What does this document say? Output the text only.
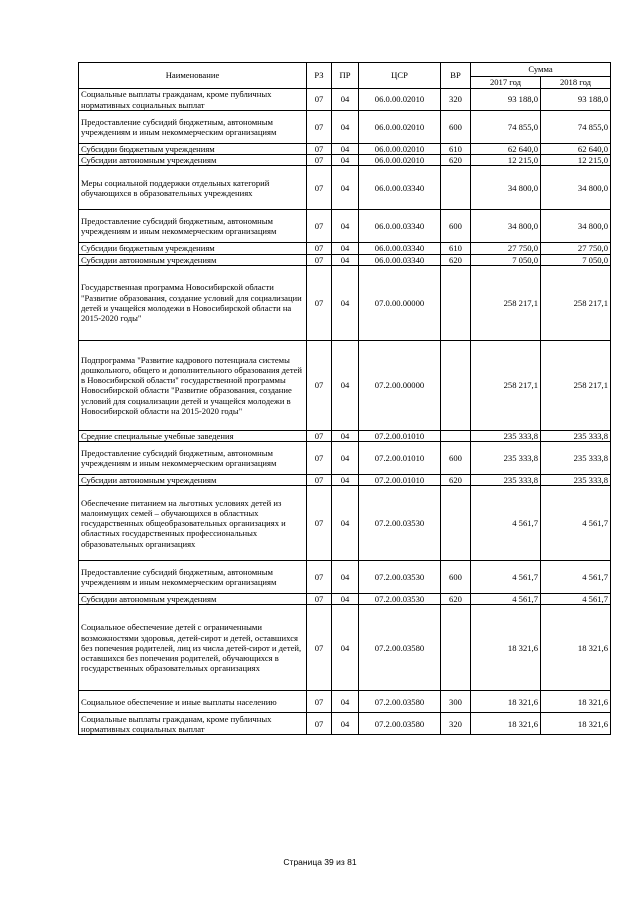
Наименование	РЗ	ПР	ЦСР	ВР	Сумма	
					2017 год	2018 год
Социальные выплаты гражданам, кроме публичных нормативных социальных выплат	07	04	06.0.00.02010	320	93 188,0	93 188,0
Предоставление субсидий бюджетным, автономным учреждениям и иным некоммерческим организациям	07	04	06.0.00.02010	600	74 855,0	74 855,0
Субсидии бюджетным учреждениям	07	04	06.0.00.02010	610	62 640,0	62 640,0
Субсидии автономным учреждениям	07	04	06.0.00.02010	620	12 215,0	12 215,0
Меры социальной поддержки отдельных категорий обучающихся в образовательных учреждениях	07	04	06.0.00.03340		34 800,0	34 800,0
Предоставление субсидий бюджетным, автономным учреждениям и иным некоммерческим организациям	07	04	06.0.00.03340	600	34 800,0	34 800,0
Субсидии бюджетным учреждениям	07	04	06.0.00.03340	610	27 750,0	27 750,0
Субсидии автономным учреждениям	07	04	06.0.00.03340	620	7 050,0	7 050,0
Государственная программа Новосибирской области "Развитие образования, создание условий для социализации детей и учащейся молодежи в Новосибирской области на 2015-2020 годы"	07	04	07.0.00.00000		258 217,1	258 217,1
Подпрограмма "Развитие кадрового потенциала системы дошкольного, общего и дополнительного образования детей в Новосибирской области" государственной программы Новосибирской области "Развитие образования, создание условий для социализации детей и учащейся молодежи в Новосибирской области на 2015-2020 годы"	07	04	07.2.00.00000		258 217,1	258 217,1
Средние специальные учебные заведения	07	04	07.2.00.01010		235 333,8	235 333,8
Предоставление субсидий бюджетным, автономным учреждениям и иным некоммерческим организациям	07	04	07.2.00.01010	600	235 333,8	235 333,8
Субсидии автономным учреждениям	07	04	07.2.00.01010	620	235 333,8	235 333,8
Обеспечение питанием на льготных условиях детей из малоимущих семей – обучающихся в областных государственных общеобразовательных организациях и областных государственных профессиональных образовательных организациях	07	04	07.2.00.03530		4 561,7	4 561,7
Предоставление субсидий бюджетным, автономным учреждениям и иным некоммерческим организациям	07	04	07.2.00.03530	600	4 561,7	4 561,7
Субсидии автономным учреждениям	07	04	07.2.00.03530	620	4 561,7	4 561,7
Социальное обеспечение детей с ограниченными возможностями здоровья, детей-сирот и детей, оставшихся без попечения родителей, лиц из числа детей-сирот и детей, оставшихся без попечения родителей, обучающихся в государственных образовательных организациях	07	04	07.2.00.03580		18 321,6	18 321,6
Социальное обеспечение и иные выплаты населению	07	04	07.2.00.03580	300	18 321,6	18 321,6
Социальные выплаты гражданам, кроме публичных нормативных социальных выплат	07	04	07.2.00.03580	320	18 321,6	18 321,6
Страница 39 из 81
